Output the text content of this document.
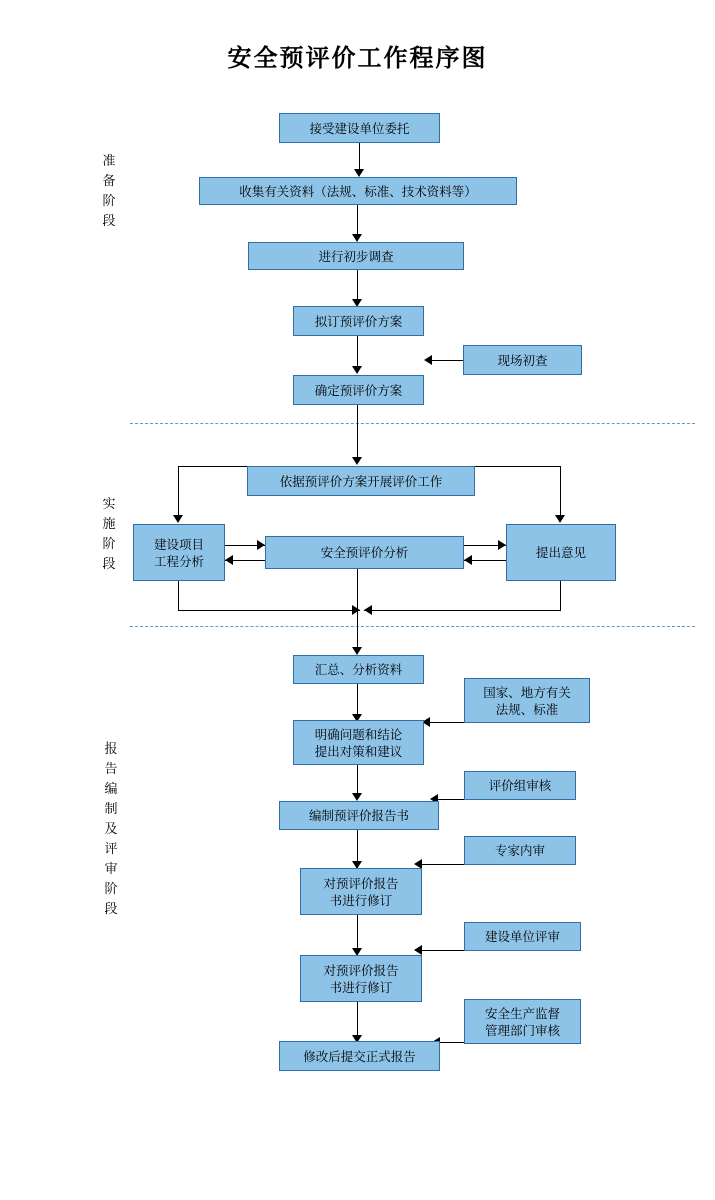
安全预评价工作程序图
准
备
阶
段
实
施
阶
段
报
告
编
制
及
评
审
阶
段
接受建设单位委托
收集有关资料（法规、标准、技术资料等）
进行初步调查
拟订预评价方案
现场初查
确定预评价方案
依据预评价方案开展评价工作
建设项目
工程分析
安全预评价分析	提出意见
汇总、分析资料
国家、地方有关
法规、标准
明确问题和结论
提出对策和建议
评价组审核
编制预评价报告书
专家内审
对预评价报告
书进行修订
建设单位评审
对预评价报告
书进行修订
安全生产监督
管理部门审核
修改后提交正式报告
